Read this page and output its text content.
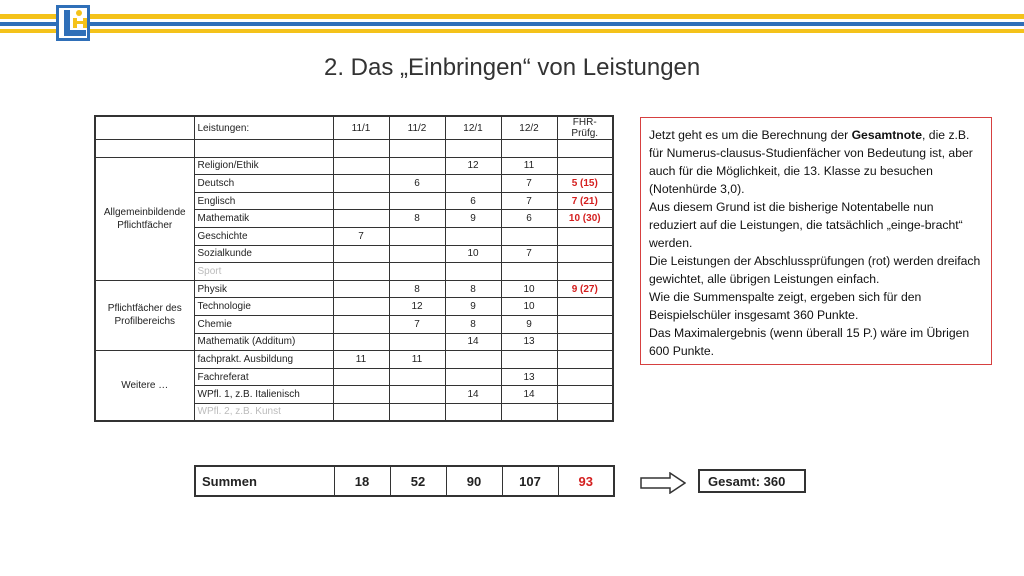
2. Das „Einbringen“ von Leistungen
	Leistungen:	11/1	11/2	12/1	12/2	FHR-Prüfg.

Allgemeinbildende Pflichtfächer	Religion/Ethik			12	11	
	Deutsch		6		7	5 (15)
	Englisch			6	7	7 (21)
	Mathematik		8	9	6	10 (30)
	Geschichte	7				
	Sozialkunde			10	7	
	Sport					
Pflichtfächer des Profilbereichs	Physik		8	8	10	9 (27)
	Technologie		12	9	10	
	Chemie		7	8	9	
	Mathematik (Additum)			14	13	
Weitere …	fachprakt. Ausbildung	11	11			
	Fachreferat				13	
	WPfl. 1, z.B. Italienisch			14	14	
	WPfl. 2, z.B. Kunst					
Summen	18	52	90	107	93	Gesamt: 360

Jetzt geht es um die Berechnung der Gesamtnote, die z.B. für Numerus-clausus-Studienfächer von Bedeutung ist, aber auch für die Möglichkeit, die 13. Klasse zu besuchen (Notenhürde 3,0).

Aus diesem Grund ist die bisherige Notentabelle nun reduziert auf die Leistungen, die tatsächlich „einge-bracht“ werden.

Die Leistungen der Abschlussprüfungen (rot) werden dreifach gewichtet, alle übrigen Leistungen einfach.

Wie die Summenspalte zeigt, ergeben sich für den Beispielschüler insgesamt 360 Punkte.

Das Maximalergebnis (wenn überall 15 P.) wäre im Übrigen 600 Punkte.
